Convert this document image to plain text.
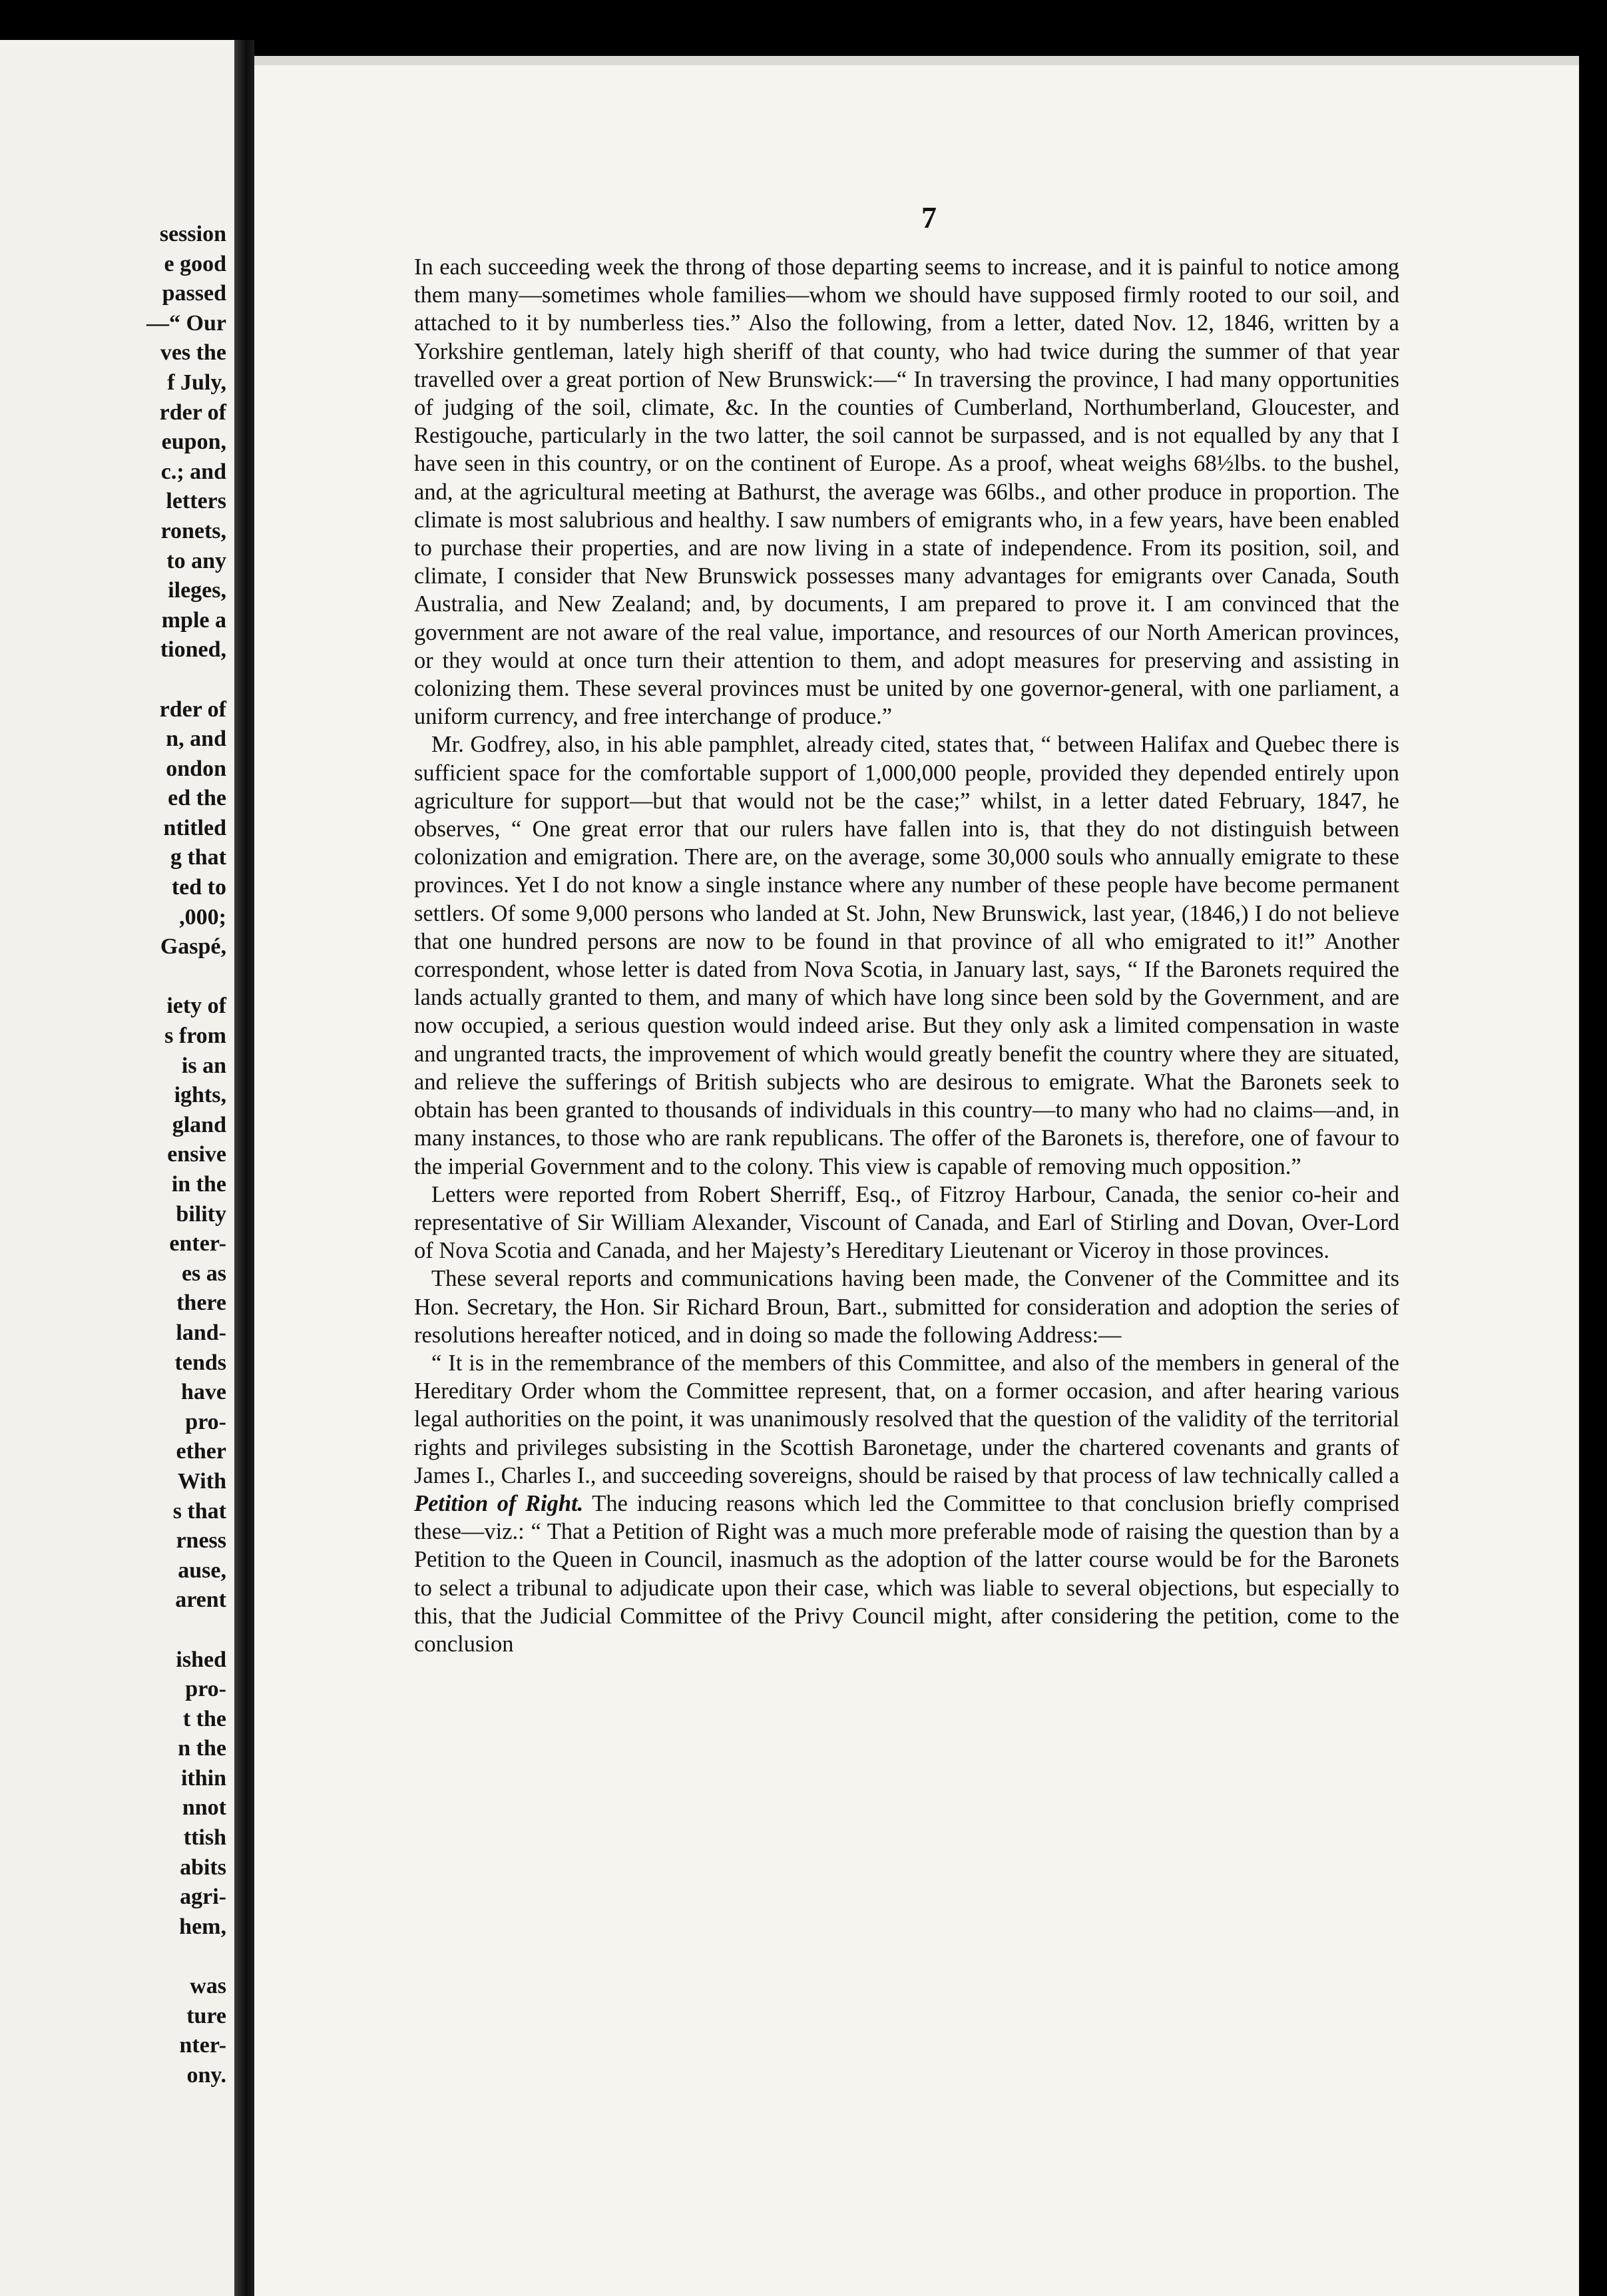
session
e good
passed
—“ Our
ves the
f July,
rder of
eupon,
c.; and
letters
ronets,
to any
ileges,
mple a
tioned,

rder of
n, and
ondon
ed the
ntitled
g that
ted to
,000;
Gaspé,

iety of
s from
is an
ights,
gland
ensive
in the
bility
enter-
es as
there
land-
tends
have
pro-
ether
With
s that
rness
ause,
arent

ished
pro-
t the
n the
ithin
nnot
ttish
abits
agri-
hem,

was
ture
nter-
ony.
7

In each succeeding week the throng of those departing seems to increase, and it is painful to notice among them many—sometimes whole families—whom we should have supposed firmly rooted to our soil, and attached to it by numberless ties.” Also the following, from a letter, dated Nov. 12, 1846, written by a Yorkshire gentleman, lately high sheriff of that county, who had twice during the summer of that year travelled over a great portion of New Brunswick:—“ In traversing the province, I had many opportunities of judging of the soil, climate, &c. In the counties of Cumberland, Northumberland, Gloucester, and Restigouche, particularly in the two latter, the soil cannot be surpassed, and is not equalled by any that I have seen in this country, or on the continent of Europe. As a proof, wheat weighs 68½lbs. to the bushel, and, at the agricultural meeting at Bathurst, the average was 66lbs., and other produce in proportion. The climate is most salubrious and healthy. I saw numbers of emigrants who, in a few years, have been enabled to purchase their properties, and are now living in a state of independence. From its position, soil, and climate, I consider that New Brunswick possesses many advantages for emigrants over Canada, South Australia, and New Zealand; and, by documents, I am prepared to prove it. I am convinced that the government are not aware of the real value, importance, and resources of our North American provinces, or they would at once turn their attention to them, and adopt measures for preserving and assisting in colonizing them. These several provinces must be united by one governor-general, with one parliament, a uniform currency, and free interchange of produce.”

Mr. Godfrey, also, in his able pamphlet, already cited, states that, “ between Halifax and Quebec there is sufficient space for the comfortable support of 1,000,000 people, provided they depended entirely upon agriculture for support—but that would not be the case;” whilst, in a letter dated February, 1847, he observes, “ One great error that our rulers have fallen into is, that they do not distinguish between colonization and emigration. There are, on the average, some 30,000 souls who annually emigrate to these provinces. Yet I do not know a single instance where any number of these people have become permanent settlers. Of some 9,000 persons who landed at St. John, New Brunswick, last year, (1846,) I do not believe that one hundred persons are now to be found in that province of all who emigrated to it!” Another correspondent, whose letter is dated from Nova Scotia, in January last, says, “ If the Baronets required the lands actually granted to them, and many of which have long since been sold by the Government, and are now occupied, a serious question would indeed arise. But they only ask a limited compensation in waste and ungranted tracts, the improvement of which would greatly benefit the country where they are situated, and relieve the sufferings of British subjects who are desirous to emigrate. What the Baronets seek to obtain has been granted to thousands of individuals in this country—to many who had no claims—and, in many instances, to those who are rank republicans. The offer of the Baronets is, therefore, one of favour to the imperial Government and to the colony. This view is capable of removing much opposition.”

Letters were reported from Robert Sherriff, Esq., of Fitzroy Harbour, Canada, the senior co-heir and representative of Sir William Alexander, Viscount of Canada, and Earl of Stirling and Dovan, Over-Lord of Nova Scotia and Canada, and her Majesty’s Hereditary Lieutenant or Viceroy in those provinces.

These several reports and communications having been made, the Convener of the Committee and its Hon. Secretary, the Hon. Sir Richard Broun, Bart., submitted for consideration and adoption the series of resolutions hereafter noticed, and in doing so made the following Address:—

“ It is in the remembrance of the members of this Committee, and also of the members in general of the Hereditary Order whom the Committee represent, that, on a former occasion, and after hearing various legal authorities on the point, it was unanimously resolved that the question of the validity of the territorial rights and privileges subsisting in the Scottish Baronetage, under the chartered covenants and grants of James I., Charles I., and succeeding sovereigns, should be raised by that process of law technically called a Petition of Right. The inducing reasons which led the Committee to that conclusion briefly comprised these—viz.: “ That a Petition of Right was a much more preferable mode of raising the question than by a Petition to the Queen in Council, inasmuch as the adoption of the latter course would be for the Baronets to select a tribunal to adjudicate upon their case, which was liable to several objections, but especially to this, that the Judicial Committee of the Privy Council might, after considering the petition, come to the conclusion
